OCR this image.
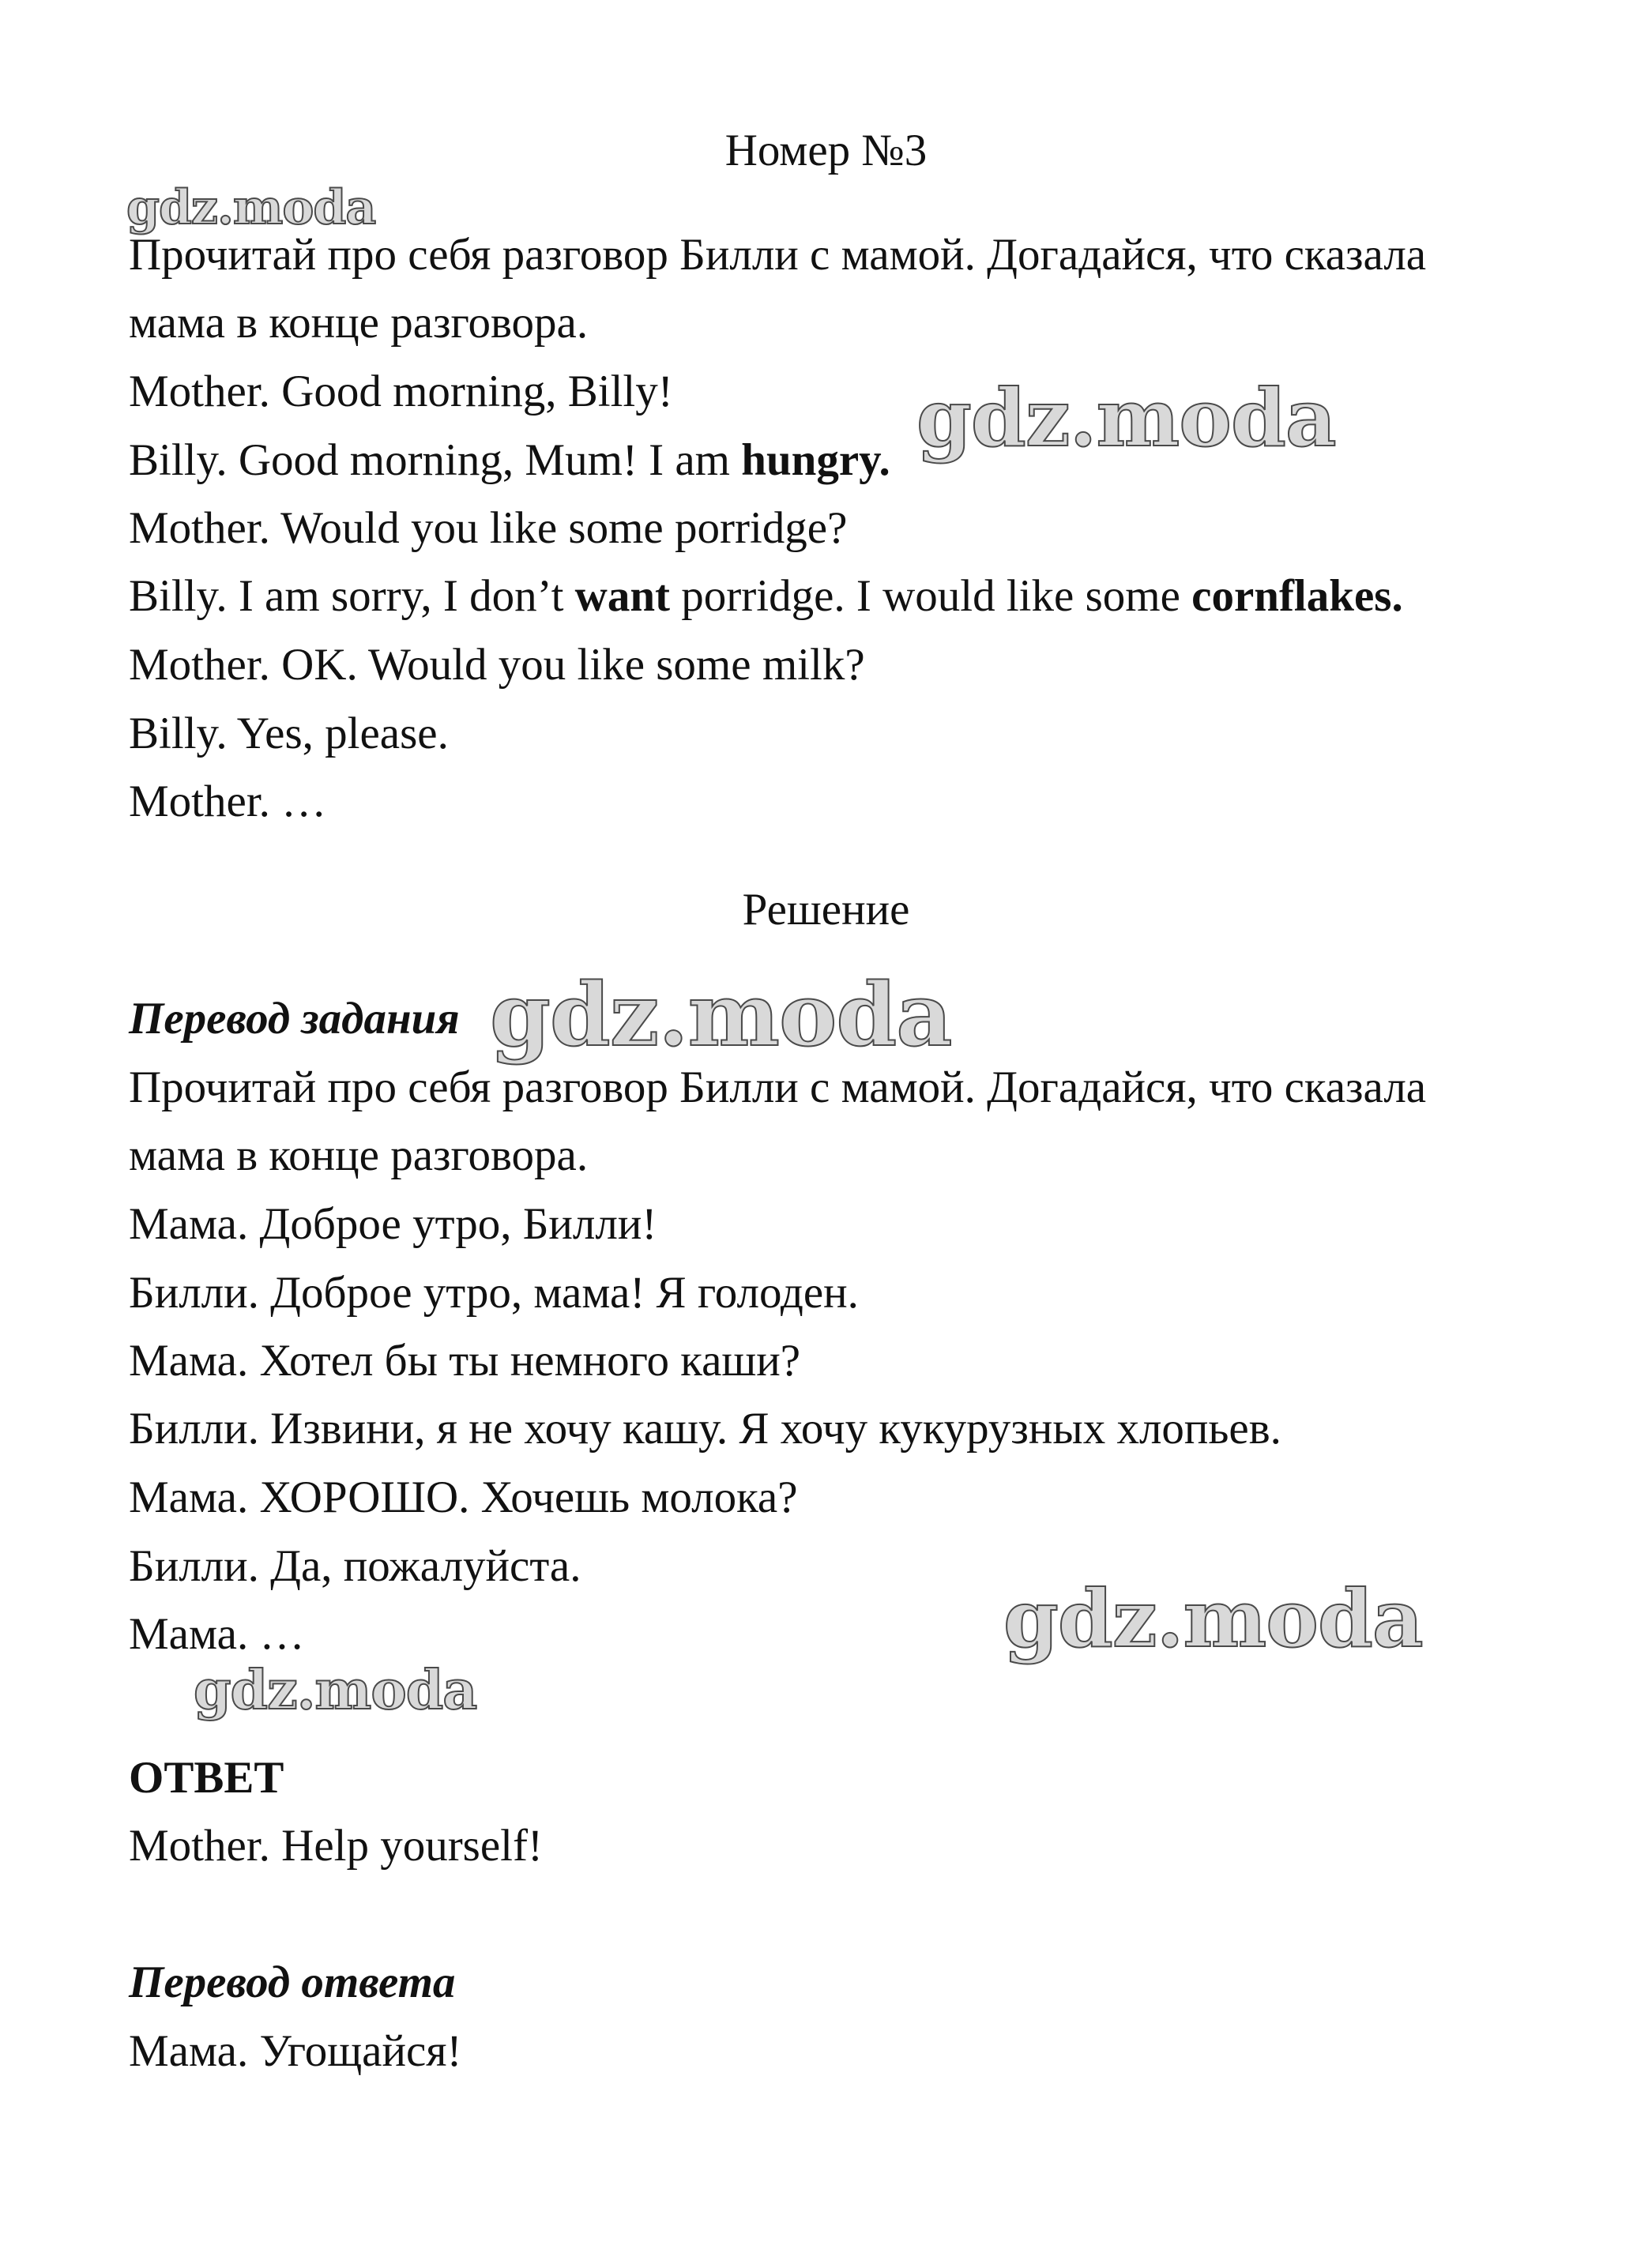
Номер №3
gdz.moda
Прочитай про себя разговор Билли с мамой. Догадайся, что сказала
мама в конце разговора.
Mother. Good morning, Billy!
Billy. Good morning, Mum! I am hungry. gdz.moda
Mother. Would you like some porridge?
Billy. I am sorry, I don’t want porridge. I would like some cornflakes.
Mother. OK. Would you like some milk?
Billy. Yes, please.
Mother. …
Решение
Перевод задания gdz.moda
Прочитай про себя разговор Билли с мамой. Догадайся, что сказала
мама в конце разговора.
Мама. Доброе утро, Билли!
Билли. Доброе утро, мама! Я голоден.
Мама. Хотел бы ты немного каши?
Билли. Извини, я не хочу кашу. Я хочу кукурузных хлопьев.
Мама. ХОРОШО. Хочешь молока?
Билли. Да, пожалуйста.
Мама. …	gdz.moda
gdz.moda
ОТВЕТ
Mother. Help yourself!
Перевод ответа
Мама. Угощайся!
